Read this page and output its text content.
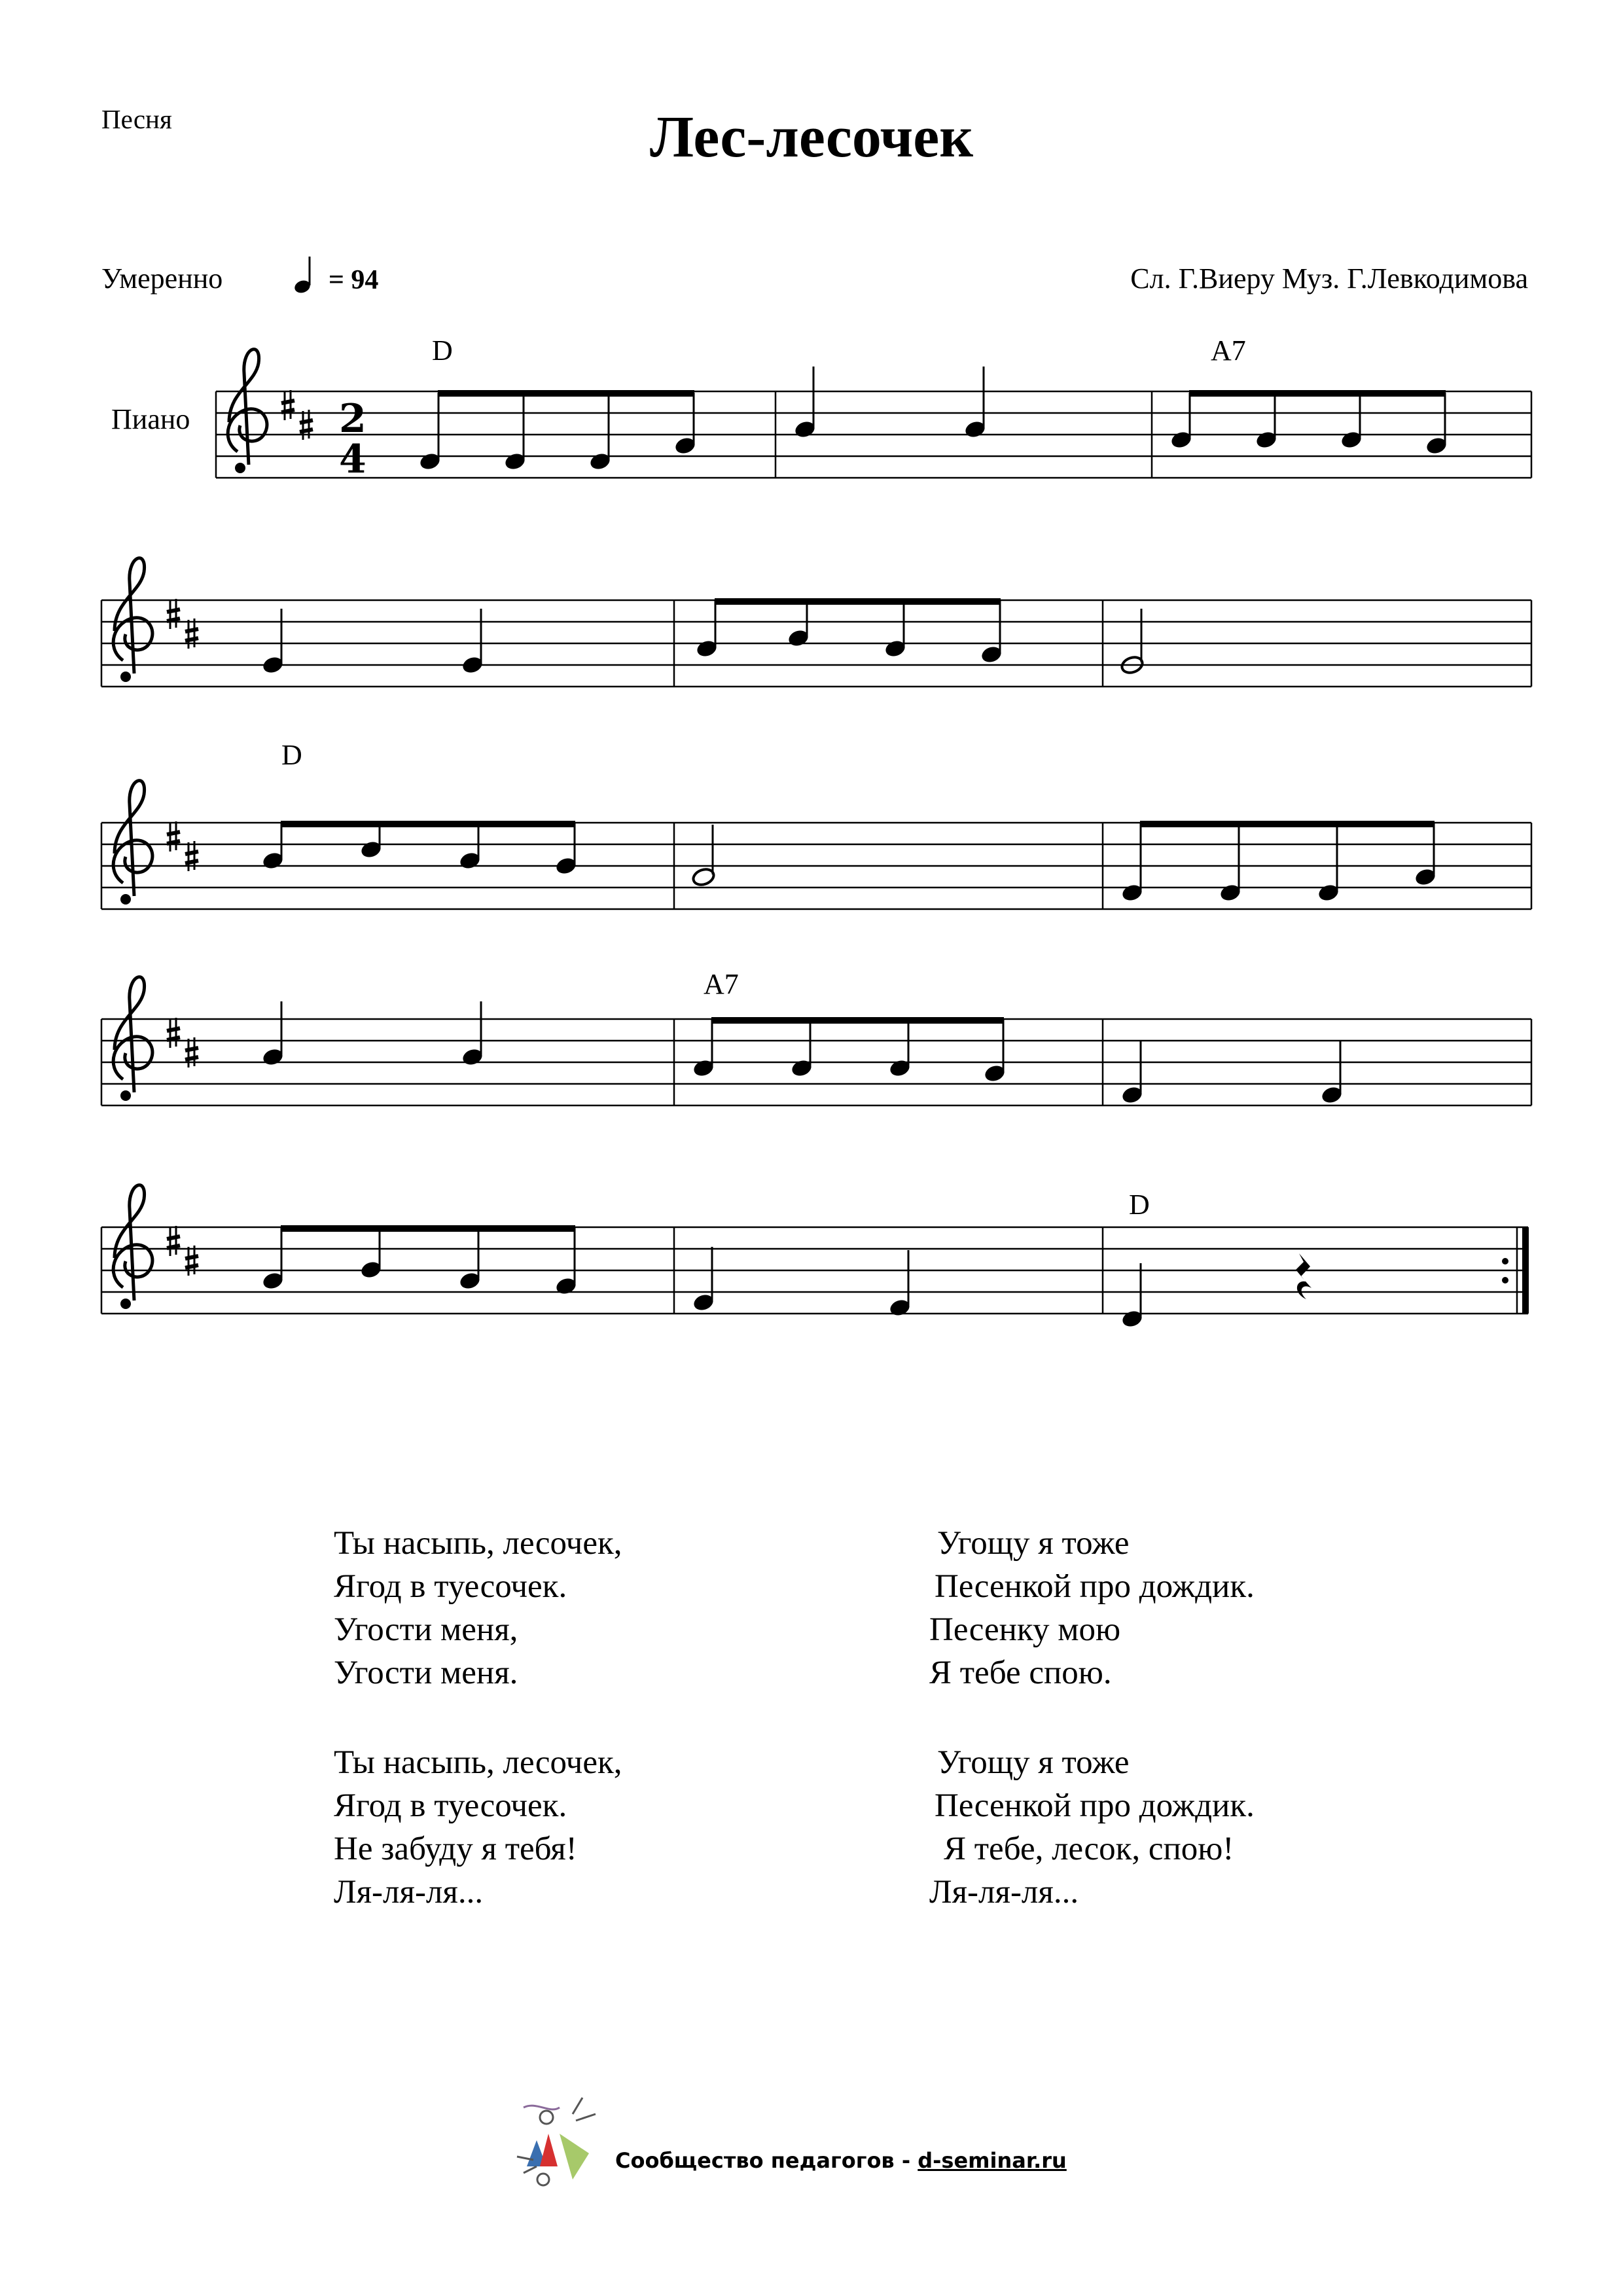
Песня	Лес-лесочек
Умеренно	= 94	Сл. Г.Виеру Муз. Г.Левкодимова
Пиано	2
4
D	A7
D
A7
D
Ты насыпь, лесочек,
Ягод в туесочек.
Угости меня,
Угости меня.
Угощу я тоже
Песенкой про дождик.
Песенку мою
Я тебе спою.
Ты насыпь, лесочек,
Ягод в туесочек.
Не забуду я тебя!
Ля-ля-ля...
Угощу я тоже
Песенкой про дождик.
Я тебе, лесок, спою!
Ля-ля-ля...
Сообщество педагогов - d-seminar.ru
